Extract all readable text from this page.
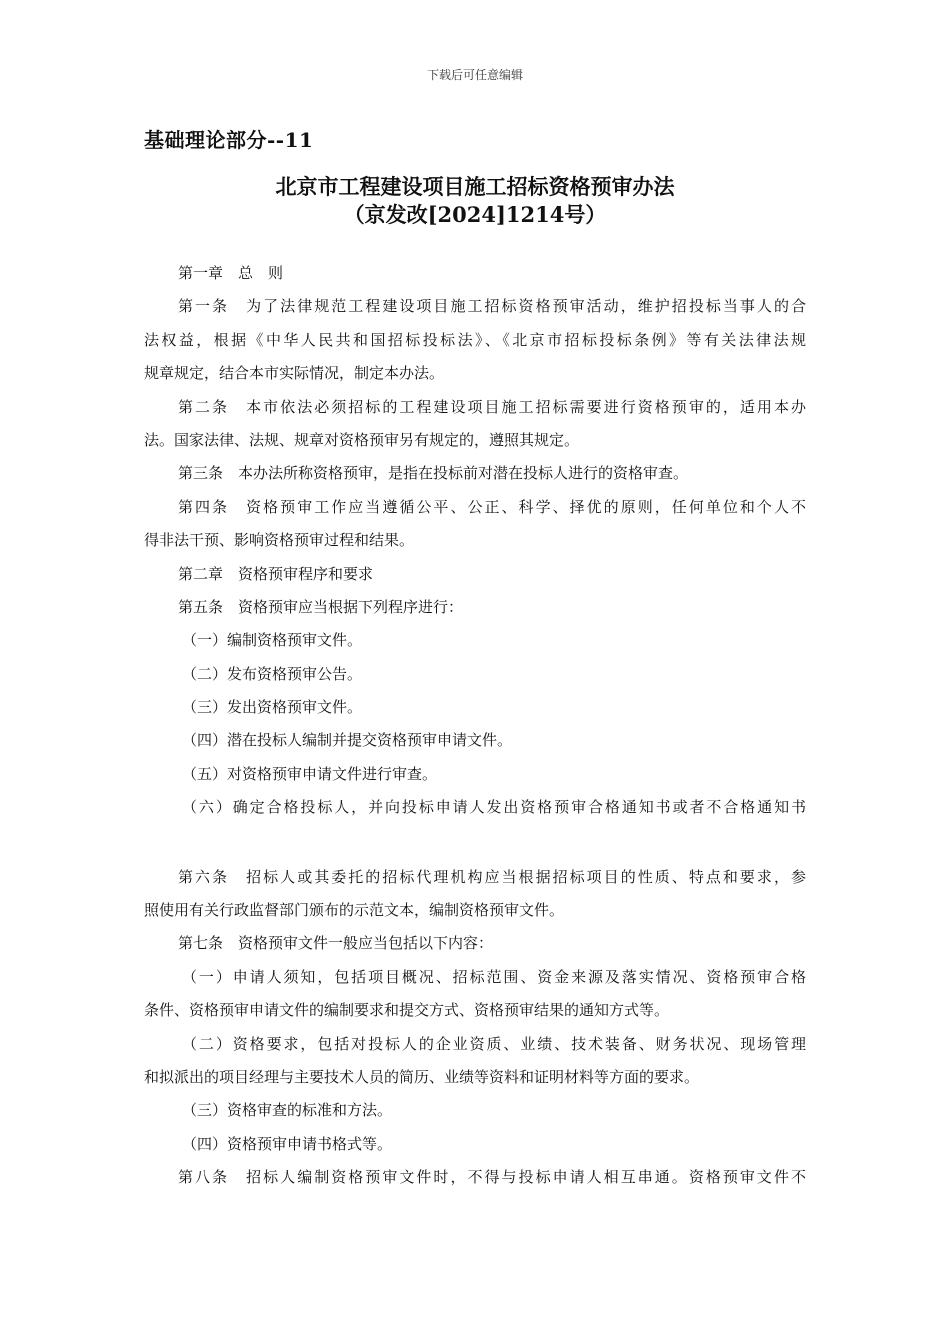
下载后可任意编辑
基础理论部分--11
北京市工程建设项目施工招标资格预审办法
（京发改[2024]1214号）
第一章　总　则
第一条　为了法律规范工程建设项目施工招标资格预审活动，维护招投标当事人的合
法权益，根据《中华人民共和国招标投标法》、《北京市招标投标条例》等有关法律法规
规章规定，结合本市实际情况，制定本办法。
第二条　本市依法必须招标的工程建设项目施工招标需要进行资格预审的，适用本办
法。国家法律、法规、规章对资格预审另有规定的，遵照其规定。
第三条　本办法所称资格预审，是指在投标前对潜在投标人进行的资格审查。
第四条　资格预审工作应当遵循公平、公正、科学、择优的原则，任何单位和个人不
得非法干预、影响资格预审过程和结果。
第二章　资格预审程序和要求
第五条　资格预审应当根据下列程序进行：
（一）编制资格预审文件。
（二）发布资格预审公告。
（三）发出资格预审文件。
（四）潜在投标人编制并提交资格预审申请文件。
（五）对资格预审申请文件进行审查。
（六）确定合格投标人，并向投标申请人发出资格预审合格通知书或者不合格通知书
第六条　招标人或其委托的招标代理机构应当根据招标项目的性质、特点和要求，参
照使用有关行政监督部门颁布的示范文本，编制资格预审文件。
第七条　资格预审文件一般应当包括以下内容：
（一）申请人须知，包括项目概况、招标范围、资金来源及落实情况、资格预审合格
条件、资格预审申请文件的编制要求和提交方式、资格预审结果的通知方式等。
（二）资格要求，包括对投标人的企业资质、业绩、技术装备、财务状况、现场管理
和拟派出的项目经理与主要技术人员的简历、业绩等资料和证明材料等方面的要求。
（三）资格审查的标准和方法。
（四）资格预审申请书格式等。
第八条　招标人编制资格预审文件时，不得与投标申请人相互串通。资格预审文件不
